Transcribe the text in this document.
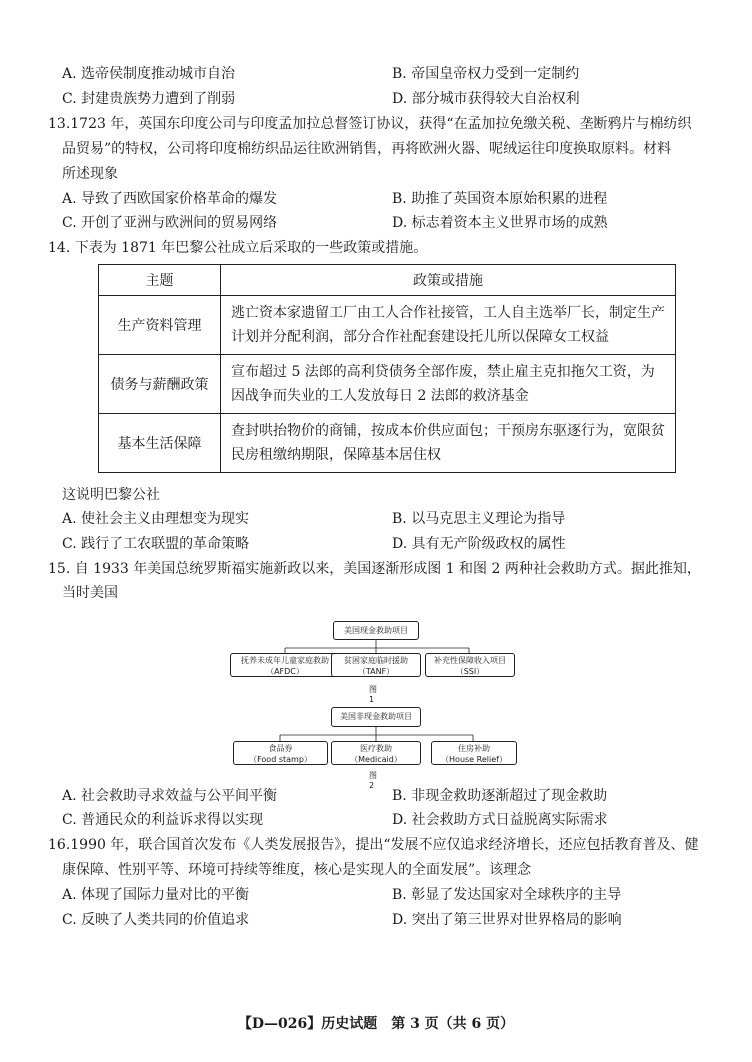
A. 选帝侯制度推动城市自治	B. 帝国皇帝权力受到一定制约
C. 封建贵族势力遭到了削弱	D. 部分城市获得较大自治权利
13.1723 年，英国东印度公司与印度孟加拉总督签订协议，获得“在孟加拉免缴关税、垄断鸦片与棉纺织
品贸易”的特权，公司将印度棉纺织品运往欧洲销售，再将欧洲火器、呢绒运往印度换取原料。材料
所述现象
A. 导致了西欧国家价格革命的爆发	B. 助推了英国资本原始积累的进程
C. 开创了亚洲与欧洲间的贸易网络	D. 标志着资本主义世界市场的成熟
14. 下表为 1871 年巴黎公社成立后采取的一些政策或措施。
主题	政策或措施
生产资料管理	逃亡资本家遗留工厂由工人合作社接管，工人自主选举厂长，制定生产计划并分配利润，部分合作社配套建设托儿所以保障女工权益
债务与薪酬政策	宣布超过 5 法郎的高利贷债务全部作废，禁止雇主克扣拖欠工资，为因战争而失业的工人发放每日 2 法郎的救济基金
基本生活保障	查封哄抬物价的商铺，按成本价供应面包；干预房东驱逐行为，宽限贫民房租缴纳期限，保障基本居住权
这说明巴黎公社
A. 使社会主义由理想变为现实	B. 以马克思主义理论为指导
C. 践行了工农联盟的革命策略	D. 具有无产阶级政权的属性
15. 自 1933 年美国总统罗斯福实施新政以来，美国逐渐形成图 1 和图 2 两种社会救助方式。据此推知，
当时美国
美国现金救助项目
抚养未成年儿童家庭救助
（AFDC）
贫困家庭临时援助
（TANF）
补充性保障收入项目
（SSI）
图1
美国非现金救助项目
食品券
（Food stamp）
医疗救助
（Medicaid）
住房补助
（House Relief）
图2
A. 社会救助寻求效益与公平间平衡	B. 非现金救助逐渐超过了现金救助
C. 普通民众的利益诉求得以实现	D. 社会救助方式日益脱离实际需求
16.1990 年，联合国首次发布《人类发展报告》，提出“发展不应仅追求经济增长，还应包括教育普及、健
康保障、性别平等、环境可持续等维度，核心是实现人的全面发展”。该理念
A. 体现了国际力量对比的平衡	B. 彰显了发达国家对全球秩序的主导
C. 反映了人类共同的价值追求	D. 突出了第三世界对世界格局的影响
【D—026】历史试题　第 3 页（共 6 页）
